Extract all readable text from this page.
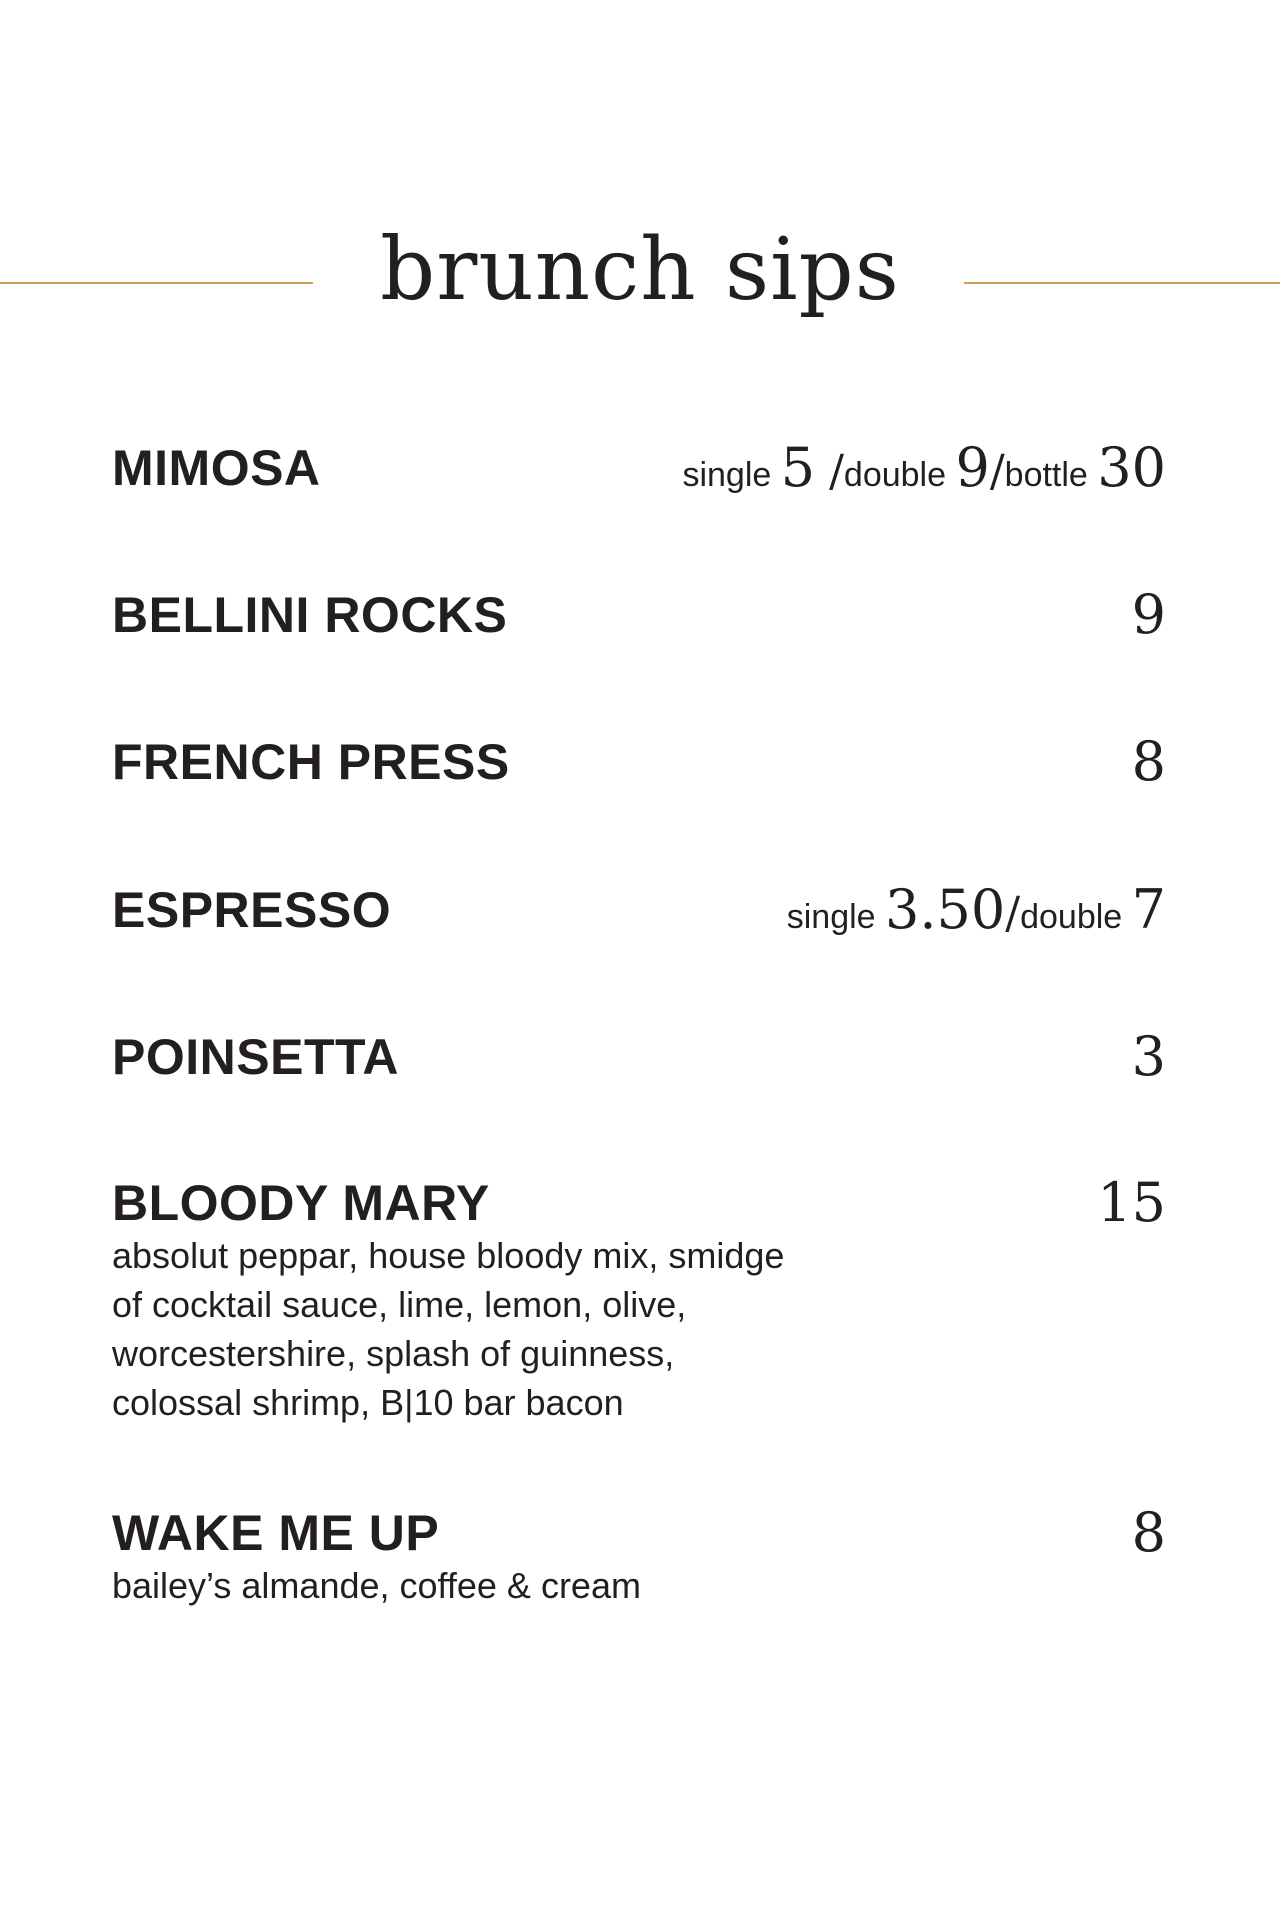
brunch sips
MIMOSA	single 5 /double 9/bottle 30
BELLINI ROCKS	9
FRENCH PRESS	8
ESPRESSO	single 3.50/double 7
POINSETTA	3
BLOODY MARY	15
absolut peppar, house bloody mix, smidge
of cocktail sauce, lime, lemon, olive,
worcestershire, splash of guinness,
colossal shrimp, B|10 bar bacon
WAKE ME UP	8
bailey’s almande, coffee & cream
